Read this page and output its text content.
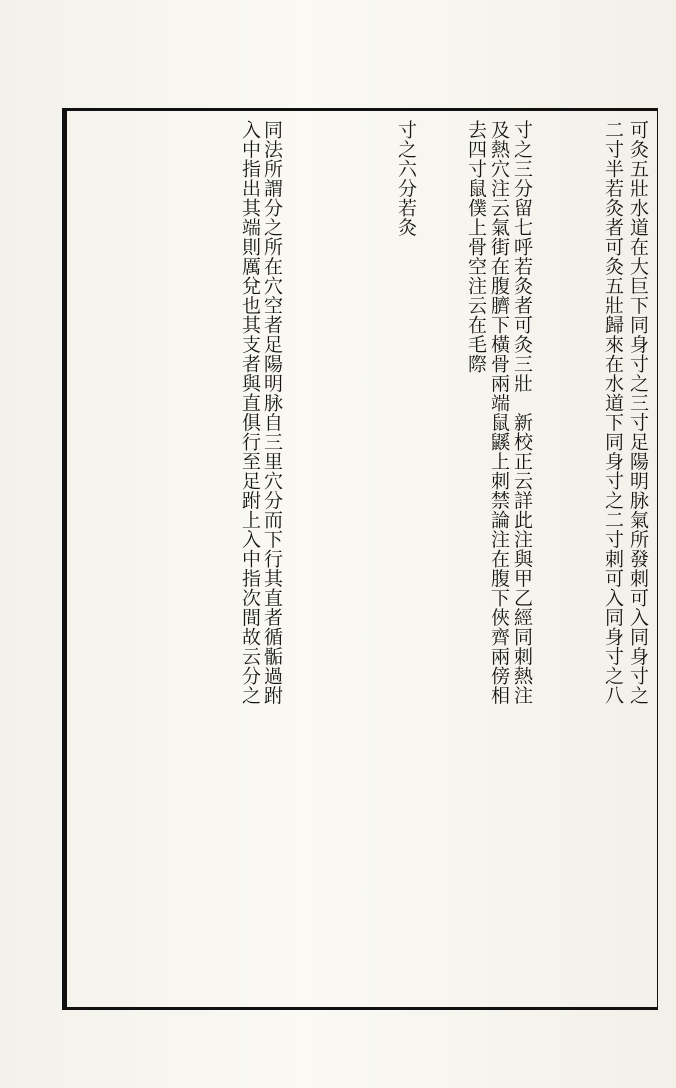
可灸五壯水道在大巨下同身寸之三寸足陽明脉氣所發刺可入同身寸之
二寸半若灸者可灸五壯歸來在水道下同身寸之二寸刺可入同身寸之八
寸之三分留七呼若灸者可灸三壯　新校正云詳此注與甲乙經同刺熱注
及熱穴注云氣街在腹臍下橫骨兩端鼠鼷上刺禁論注在腹下俠齊兩傍相
去四寸鼠僕上骨空注云在毛際
寸之六分若灸
同法所謂分之所在穴空者足陽明脉自三里穴分而下行其直者循骺過跗
入中指出其端則厲兌也其支者與直俱行至足跗上入中指次間故云分之
